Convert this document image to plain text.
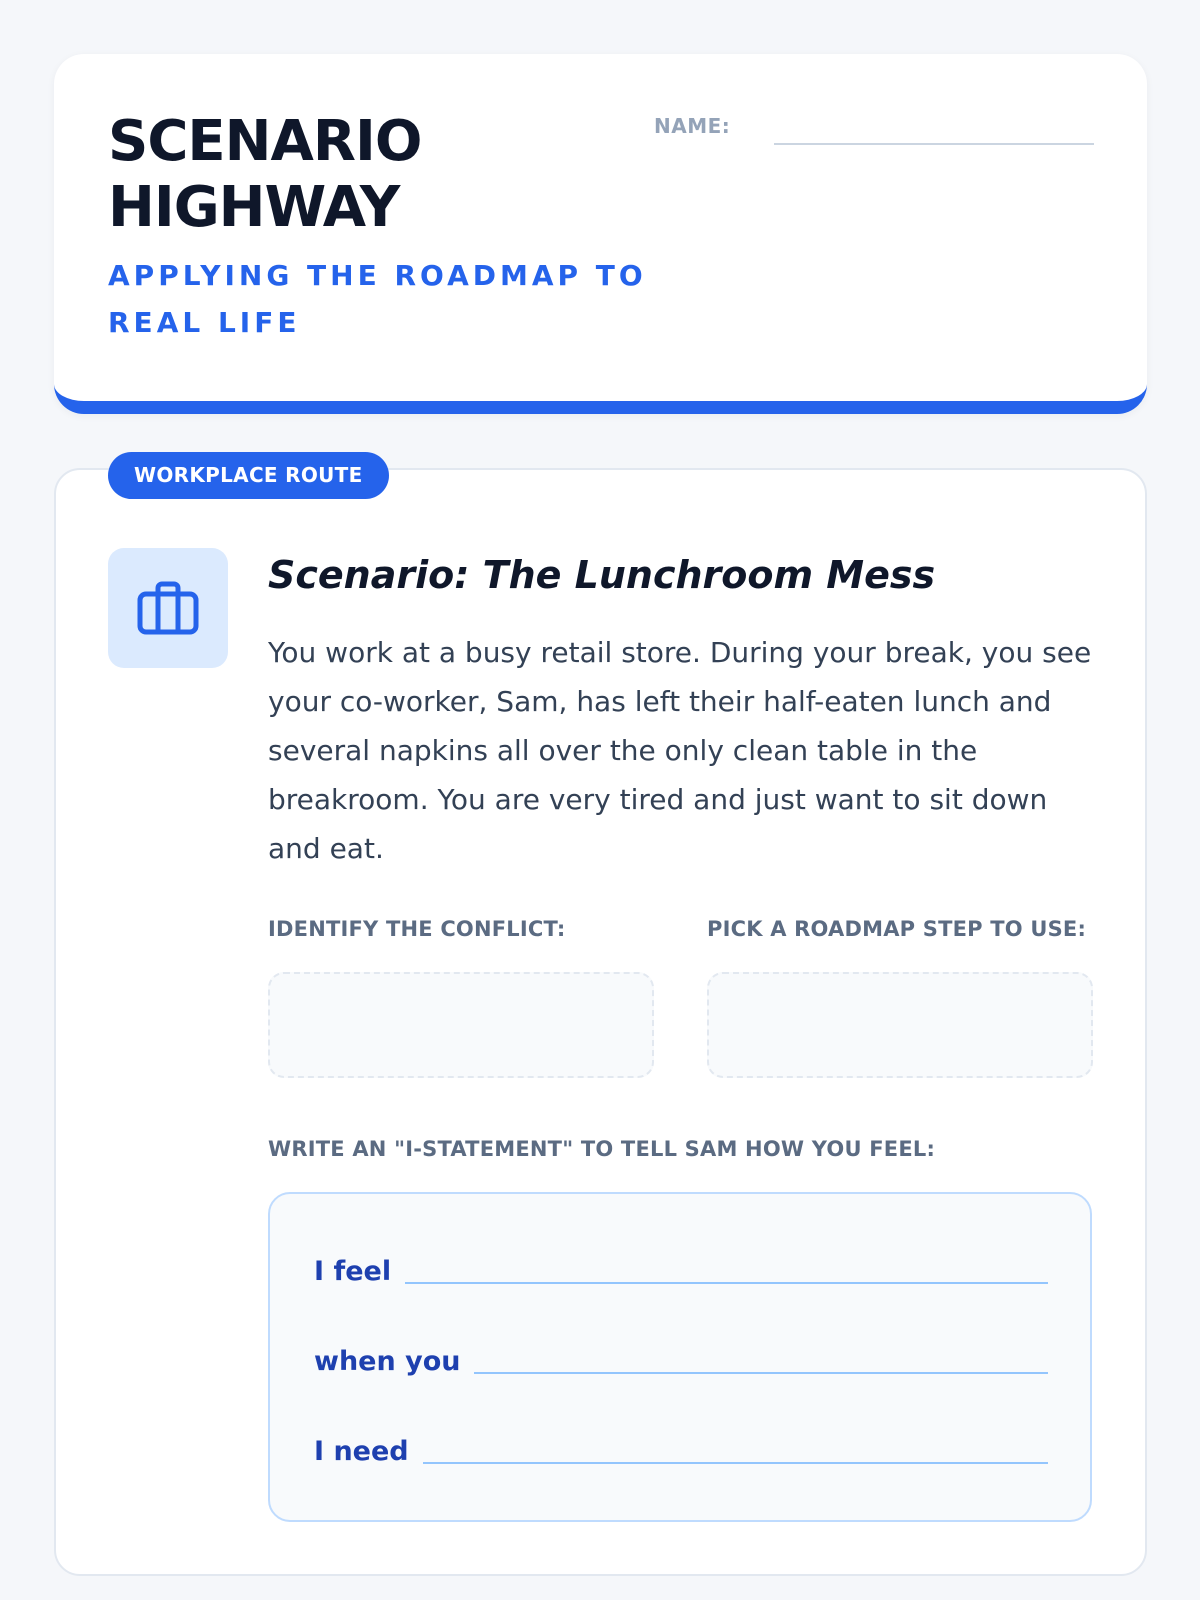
SCENARIO HIGHWAY
APPLYING THE ROADMAP TO REAL LIFE
NAME:
WORKPLACE ROUTE
Scenario: The Lunchroom Mess

You work at a busy retail store. During your break, you see your co-worker, Sam, has left their half-eaten lunch and several napkins all over the only clean table in the breakroom. You are very tired and just want to sit down and eat.

IDENTIFY THE CONFLICT:	PICK A ROADMAP STEP TO USE:
WRITE AN "I-STATEMENT" TO TELL SAM HOW YOU FEEL:
I feel
when you
I need
